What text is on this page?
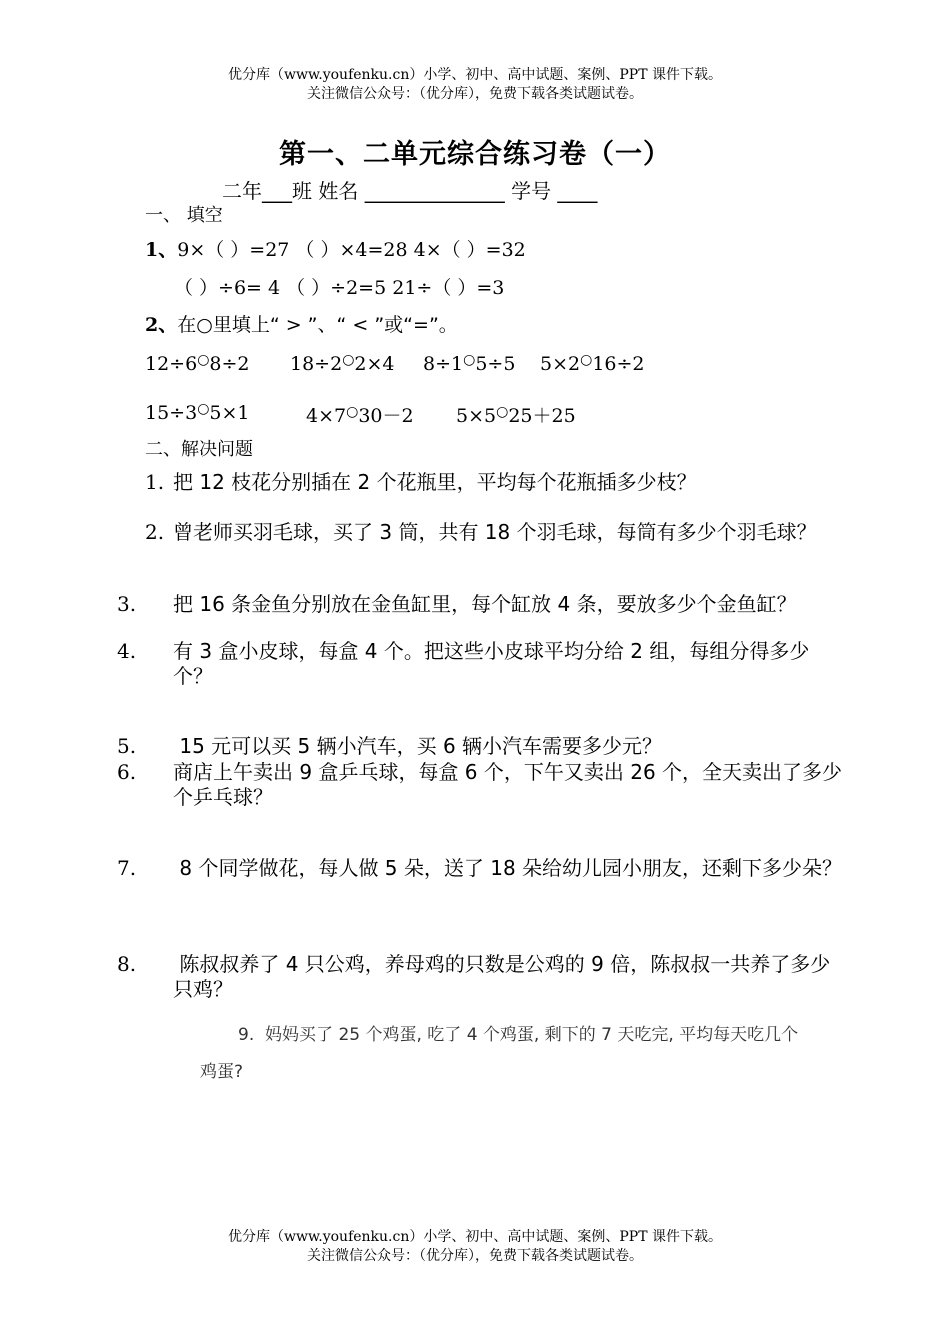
优分库（www.youfenku.cn）小学、初中、高中试题、案例、PPT 课件下载。
关注微信公众号：（优分库），免费下载各类试题试卷。
第一、二单元综合练习卷（一）
二年___班 姓名 ______________ 学号 ____
一、 填空
1、9×（ ）=27 （ ）×4=28 4×（ ）=32
（ ）÷6= 4 （ ）÷2=5 21÷（ ）=3
2、在○里填上“ > ”、“ < ”或“=”。
12÷6○8÷2 18÷2○2×4 8÷1○5÷5 5×2○16÷2
15÷3○5×1	4×7○30－2 5×5○25＋25
二、解决问题
1. 把 12 枝花分别插在 2 个花瓶里，平均每个花瓶插多少枝？
2. 曾老师买羽毛球，买了 3 筒，共有 18 个羽毛球，每筒有多少个羽毛球？
3. 把 16 条金鱼分别放在金鱼缸里，每个缸放 4 条，要放多少个金鱼缸？
4. 有 3 盒小皮球，每盒 4 个。把这些小皮球平均分给 2 组，每组分得多少个？
5. 15 元可以买 5 辆小汽车，买 6 辆小汽车需要多少元？
6. 商店上午卖出 9 盒乒乓球，每盒 6 个，下午又卖出 26 个，全天卖出了多少个乒乓球？
7. 8 个同学做花，每人做 5 朵，送了 18 朵给幼儿园小朋友，还剩下多少朵？
8. 陈叔叔养了 4 只公鸡，养母鸡的只数是公鸡的 9 倍，陈叔叔一共养了多少只鸡？
9. 妈妈买了 25 个鸡蛋, 吃了 4 个鸡蛋, 剩下的 7 天吃完, 平均每天吃几个鸡蛋?
优分库（www.youfenku.cn）小学、初中、高中试题、案例、PPT 课件下载。
关注微信公众号：（优分库），免费下载各类试题试卷。
